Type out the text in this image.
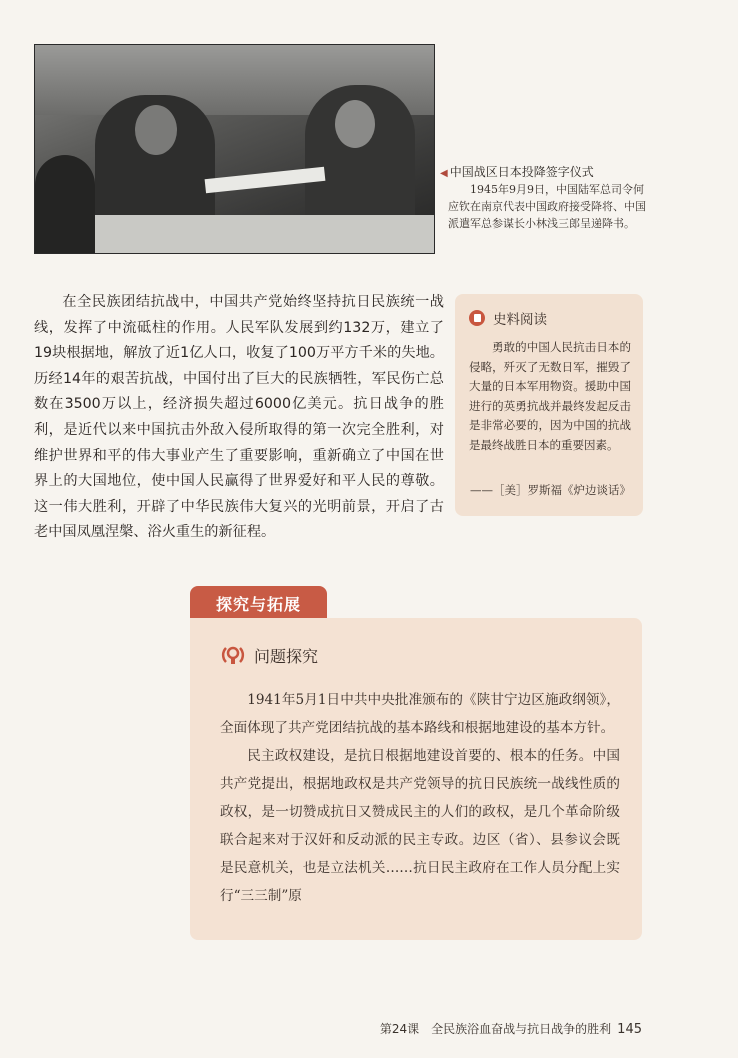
◀ 中国战区日本投降签字仪式
1945年9月9日，中国陆军总司令何应钦在南京代表中国政府接受降将、中国派遣军总参谋长小林浅三郎呈递降书。
在全民族团结抗战中，中国共产党始终坚持抗日民族统一战线，发挥了中流砥柱的作用。人民军队发展到约132万，建立了19块根据地，解放了近1亿人口，收复了100万平方千米的失地。历经14年的艰苦抗战，中国付出了巨大的民族牺牲，军民伤亡总数在3500万以上，经济损失超过6000亿美元。抗日战争的胜利，是近代以来中国抗击外敌入侵所取得的第一次完全胜利，对维护世界和平的伟大事业产生了重要影响，重新确立了中国在世界上的大国地位，使中国人民赢得了世界爱好和平人民的尊敬。这一伟大胜利，开辟了中华民族伟大复兴的光明前景，开启了古老中国凤凰涅槃、浴火重生的新征程。
史料阅读
勇敢的中国人民抗击日本的侵略，歼灭了无数日军，摧毁了大量的日本军用物资。援助中国进行的英勇抗战并最终发起反击是非常必要的，因为中国的抗战是最终战胜日本的重要因素。
——［美］罗斯福《炉边谈话》
探究与拓展
问题探究

1941年5月1日中共中央批准颁布的《陕甘宁边区施政纲领》，全面体现了共产党团结抗战的基本路线和根据地建设的基本方针。

民主政权建设，是抗日根据地建设首要的、根本的任务。中国共产党提出，根据地政权是共产党领导的抗日民族统一战线性质的政权，是一切赞成抗日又赞成民主的人们的政权，是几个革命阶级联合起来对于汉奸和反动派的民主专政。边区（省）、县参议会既是民意机关，也是立法机关……抗日民主政府在工作人员分配上实行“三三制”原

第24课　全民族浴血奋战与抗日战争的胜利 145
